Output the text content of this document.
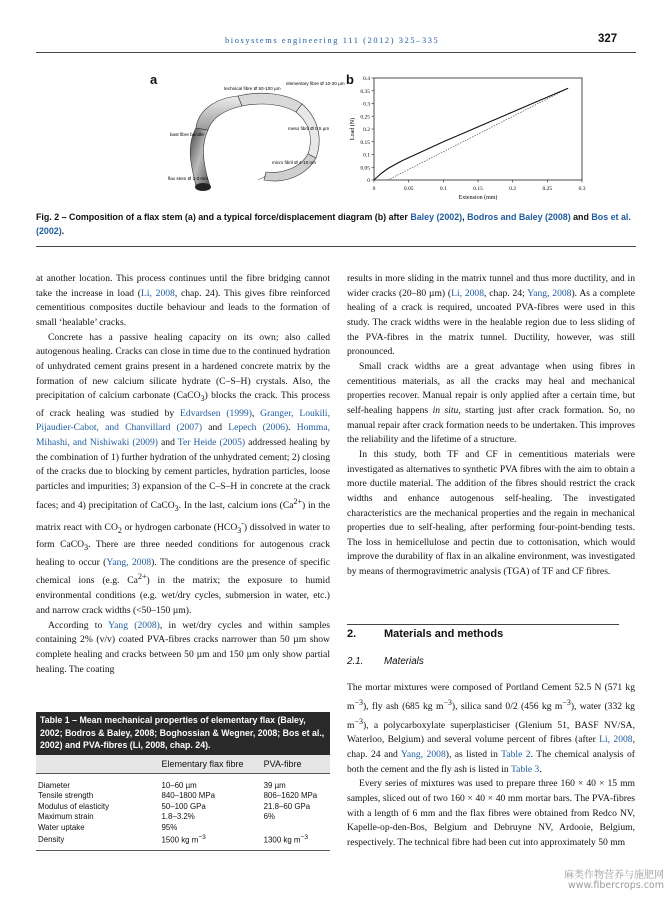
biosystems engineering 111 (2012) 325–335	327
a	b
technical fibre Ø 50-100 µm
elementary fibre Ø 10-20 µm
bast fibre bundle
meso fibril Ø 0.5 µm
micro fibril Ø 4-10 nm
flax stem Ø 2-3 mm
0	0.05	0.1	0.15	0.2	0.25	0.3
0
0.05
0.1
0.15
0.2
0.25
0.3
0.35
0.4
Extension (mm)
Load (N)
Fig. 2 – Composition of a flax stem (a) and a typical force/displacement diagram (b) after Baley (2002), Bodros and Baley (2008) and Bos et al. (2002).

at another location. This process continues until the fibre bridging cannot take the increase in load (Li, 2008, chap. 24). This gives fibre reinforced cementitious composites ductile behaviour and leads to the formation of small ‘healable’ cracks.

Concrete has a passive healing capacity on its own; also called autogenous healing. Cracks can close in time due to the continued hydration of unhydrated cement grains present in a hardened concrete matrix by the formation of new calcium silicate hydrate (C–S–H) crystals. Also, the precipitation of calcium carbonate (CaCO$_3$) blocks the crack. This process of crack healing was studied by Edvardsen (1999), Granger, Loukili, Pijaudier-Cabot, and Chanvillard (2007) and Lepech (2006). Homma, Mihashi, and Nishiwaki (2009) and Ter Heide (2005) addressed healing by the combination of 1) further hydration of the unhydrated cement; 2) closing of the cracks due to blocking by cement particles, hydration particles, loose particles and impurities; 3) expansion of the C–S–H in concrete at the crack faces; and 4) precipitation of CaCO$_3$. In the last, calcium ions $(Ca^{2+})$ in the matrix react with $CO_2$ or hydrogen carbonate $(HCO_3^-)$ dissolved in water to form CaCO$_3$. There are three needed conditions for autogenous crack healing to occur (Yang, 2008). The conditions are the presence of specific chemical ions (e.g. $Ca^{2+}$) in the matrix; the exposure to humid environmental conditions (e.g. wet/dry cycles, submersion in water, etc.) and narrow crack widths (<50–150 µm).

According to Yang (2008), in wet/dry cycles and within samples containing 2% (v/v) coated PVA-fibres cracks narrower than 50 µm show complete healing and cracks between 50 µm and 150 µm only show partial healing. The coating

results in more sliding in the matrix tunnel and thus more ductility, and in wider cracks (20–80 µm) (Li, 2008, chap. 24; Yang, 2008). As a complete healing of a crack is required, uncoated PVA-fibres were used in this study. The crack widths were in the healable region due to less sliding of the PVA-fibres in the matrix tunnel. Ductility, however, was still pronounced.

Small crack widths are a great advantage when using fibres in cementitious materials, as all the cracks may heal and mechanical properties recover. Manual repair is only applied after a certain time, but self-healing happens in situ, starting just after crack formation. So, no manual repair after crack formation needs to be undertaken. This improves the reliability and the lifetime of a structure.

In this study, both TF and CF in cementitious materials were investigated as alternatives to synthetic PVA fibres with the aim to obtain a more ductile material. The addition of the fibres should restrict the crack widths and enhance autogenous self-healing. The investigated characteristics are the mechanical properties and the regain in mechanical properties due to self-healing, after performing four-point-bending tests. The loss in hemicellulose and pectin due to cottonisation, which would improve the durability of flax in an alkaline environment, was investigated by means of thermogravimetric analysis (TGA) of TF and CF fibres.

2.	Materials and methods
2.1. Materials

The mortar mixtures were composed of Portland Cement 52.5 N (571 kg $m^{-3}$), fly ash (685 kg $m^{-3}$), silica sand 0/2 (456 kg $m^{-3}$), water (332 kg $m^{-3}$), a polycarboxylate superplasticiser (Glenium 51, BASF NV/SA, Waterloo, Belgium) and several volume percent of fibres (after Li, 2008, chap. 24 and Yang, 2008), as listed in Table 2. The chemical analysis of both the cement and the fly ash is listed in Table 3.

Every series of mixtures was used to prepare three 160 × 40 × 15 mm samples, sliced out of two 160 × 40 × 40 mm mortar bars. The PVA-fibres with a length of 6 mm and the flax fibres were obtained from Redco NV, Kapelle-op-den-Bos, Belgium and Debruyne NV, Ardooie, Belgium, respectively. The technical fibre had been cut into approximately 50 mm

Table 1 – Mean mechanical properties of elementary flax (Baley, 2002; Bodros & Baley, 2008; Boghossian & Wegner, 2008; Bos et al., 2002) and PVA-fibres (Li, 2008, chap. 24).
	Elementary flax fibre	PVA-fibre
Diameter	10–60 µm	39 µm
Tensile strength	840–1800 MPa	806–1620 MPa
Modulus of elasticity	50–100 GPa	21.8–60 GPa
Maximum strain	1.8–3.2%	6%
Water uptake	95%	
Density	1500 kg $m^{-3}$	1300 kg $m^{-3}$
麻类作物营养与施肥网
www.fibercrops.com
